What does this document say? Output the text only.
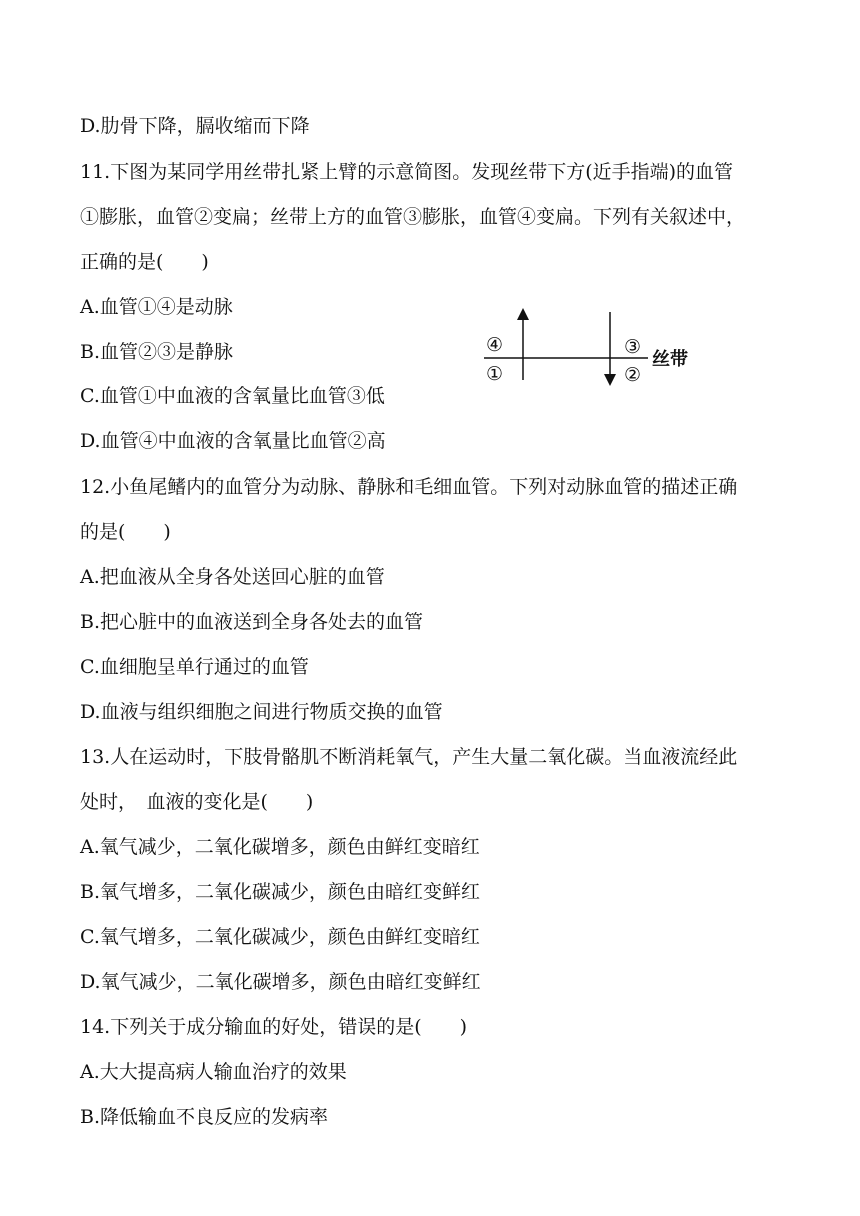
D.肋骨下降，膈收缩而下降
11.下图为某同学用丝带扎紧上臂的示意简图。发现丝带下方(近手指端)的血管
①膨胀，血管②变扁；丝带上方的血管③膨胀，血管④变扁。下列有关叙述中，
正确的是(　　)
A.血管①④是动脉
B.血管②③是静脉
C.血管①中血液的含氧量比血管③低
D.血管④中血液的含氧量比血管②高
12.小鱼尾鳍内的血管分为动脉、静脉和毛细血管。下列对动脉血管的描述正确
的是(　　)
A.把血液从全身各处送回心脏的血管
B.把心脏中的血液送到全身各处去的血管
C.血细胞呈单行通过的血管
D.血液与组织细胞之间进行物质交换的血管
13.人在运动时，下肢骨骼肌不断消耗氧气，产生大量二氧化碳。当血液流经此
处时，　血液的变化是(　　)
A.氧气减少，二氧化碳增多，颜色由鲜红变暗红
B.氧气增多，二氧化碳减少，颜色由暗红变鲜红
C.氧气增多，二氧化碳减少，颜色由鲜红变暗红
D.氧气减少，二氧化碳增多，颜色由暗红变鲜红
14.下列关于成分输血的好处，错误的是(　　)
A.大大提高病人输血治疗的效果
B.降低输血不良反应的发病率
④
①
③
②
丝带
